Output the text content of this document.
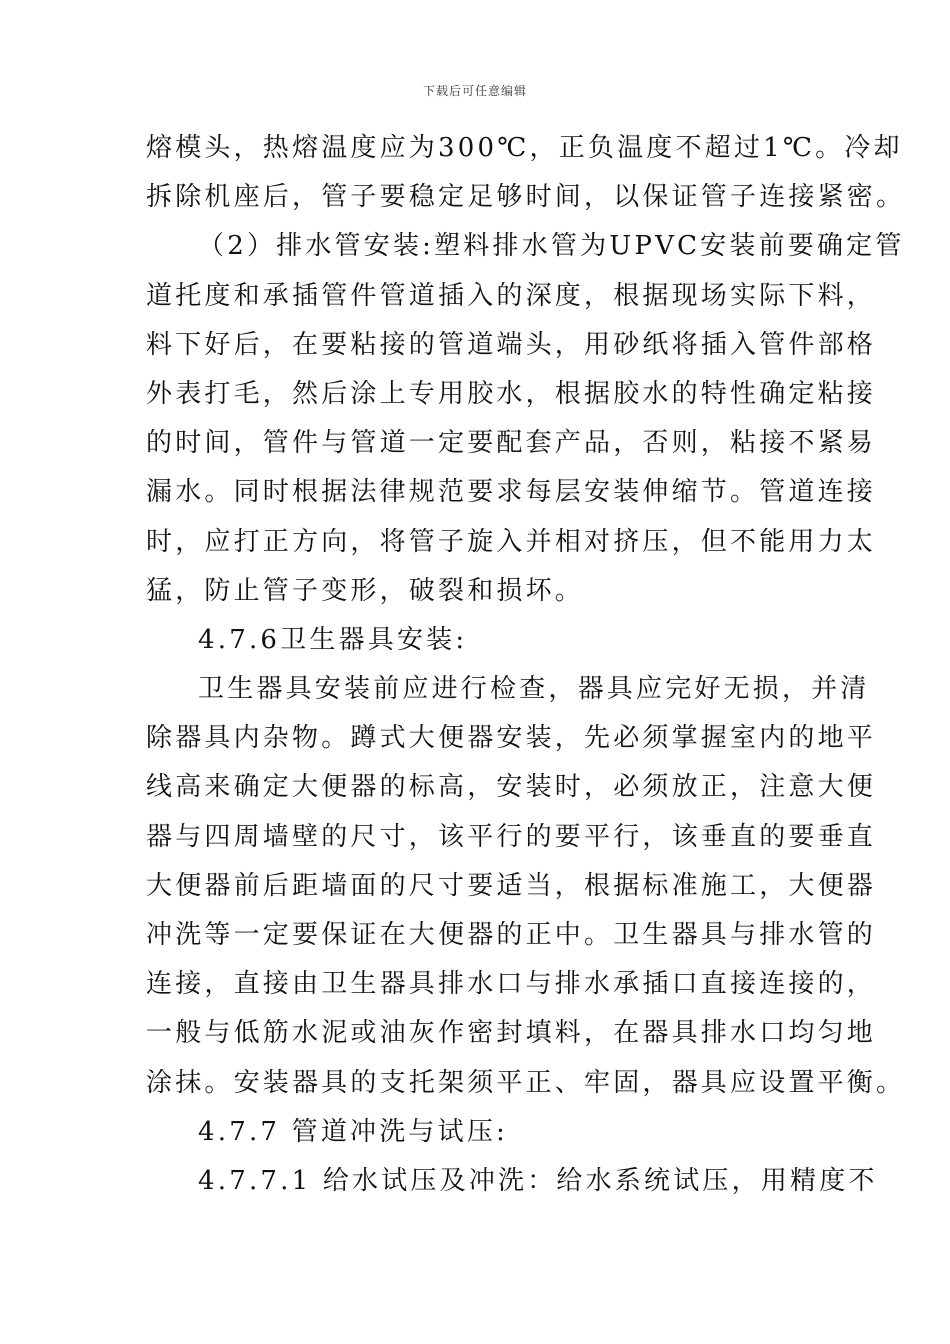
下载后可任意编辑
熔模头，热熔温度应为300℃，正负温度不超过1℃。冷却
拆除机座后，管子要稳定足够时间，以保证管子连接紧密。
（2）排水管安装:塑料排水管为UPVC安装前要确定管
道托度和承插管件管道插入的深度，根据现场实际下料，
料下好后，在要粘接的管道端头，用砂纸将插入管件部格
外表打毛，然后涂上专用胶水，根据胶水的特性确定粘接
的时间，管件与管道一定要配套产品，否则，粘接不紧易
漏水。同时根据法律规范要求每层安装伸缩节。管道连接
时，应打正方向，将管子旋入并相对挤压，但不能用力太
猛，防止管子变形，破裂和损坏。
4.7.6卫生器具安装:
卫生器具安装前应进行检查，器具应完好无损，并清
除器具内杂物。蹲式大便器安装，先必须掌握室内的地平
线高来确定大便器的标高，安装时，必须放正，注意大便
器与四周墙壁的尺寸，该平行的要平行，该垂直的要垂直
大便器前后距墙面的尺寸要适当，根据标准施工，大便器
冲洗等一定要保证在大便器的正中。卫生器具与排水管的
连接，直接由卫生器具排水口与排水承插口直接连接的，
一般与低筋水泥或油灰作密封填料，在器具排水口均匀地
涂抹。安装器具的支托架须平正、牢固，器具应设置平衡。
4.7.7 管道冲洗与试压:
4.7.7.1 给水试压及冲洗：给水系统试压，用精度不
